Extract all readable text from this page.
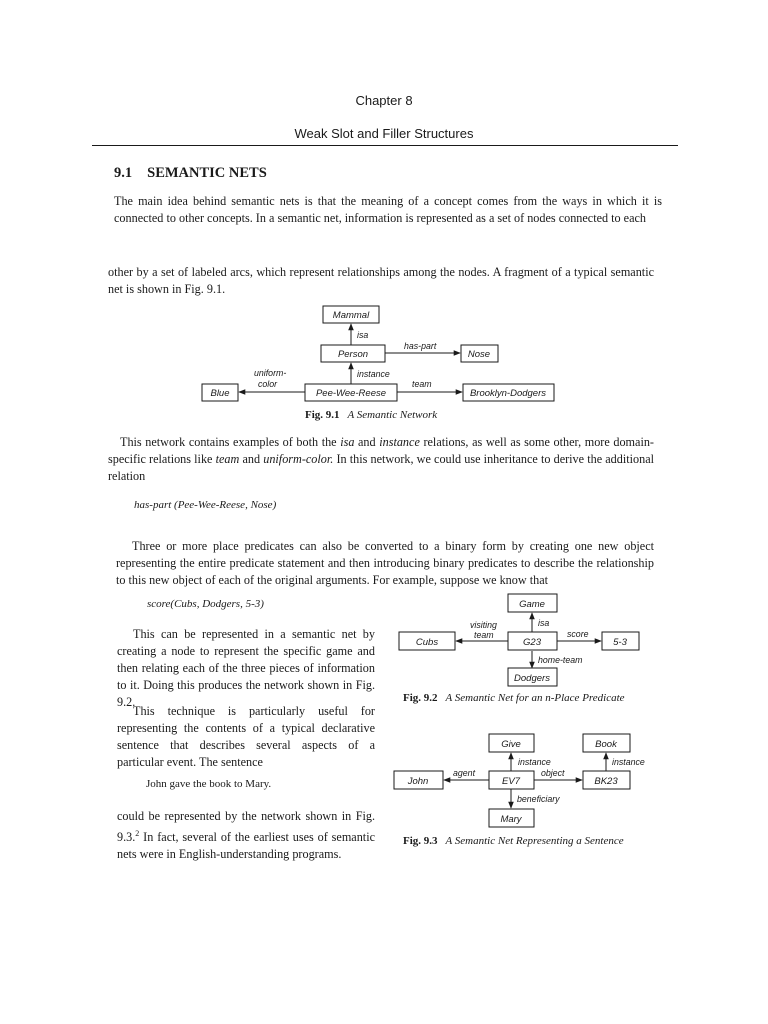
Chapter 8
Weak Slot and Filler Structures
9.1 SEMANTIC NETS
The main idea behind semantic nets is that the meaning of a concept comes from the ways in which it is connected to other concepts. In a semantic net, information is represented as a set of nodes connected to each
other by a set of labeled arcs, which represent relationships among the nodes. A fragment of a typical semantic net is shown in Fig. 9.1.
Mammal
Person	Nose
Pee-Wee-Reese
Blue	Brooklyn-Dodgers
isa
has-part
instance
uniform-
color	team
Game
Cubs	G23	5-3
Dodgers
isa
visiting
team	score
home-team
Give	Book
John	EV7	BK23
Mary
instance	instance
agent	object
beneficiary
Fig. 9.1 A Semantic Network
This network contains examples of both the isa and instance relations, as well as some other, more domain-specific relations like team and uniform-color. In this network, we could use inheritance to derive the additional relation
has-part (Pee-Wee-Reese, Nose)
Three or more place predicates can also be converted to a binary form by creating one new object representing the entire predicate statement and then introducing binary predicates to describe the relationship to this new object of each of the original arguments. For example, suppose we know that
score(Cubs, Dodgers, 5-3)
This can be represented in a semantic net by creating a node to represent the specific game and then relating each of the three pieces of information to it. Doing this produces the network shown in Fig. 9.2.
This technique is particularly useful for representing the contents of a typical declarative sentence that describes several aspects of a particular event. The sentence
John gave the book to Mary.
could be represented by the network shown in Fig. 9.3.$^2$ In fact, several of the earliest uses of semantic nets were in English-understanding programs.
Fig. 9.2 A Semantic Net for an n-Place Predicate
Fig. 9.3 A Semantic Net Representing a Sentence
